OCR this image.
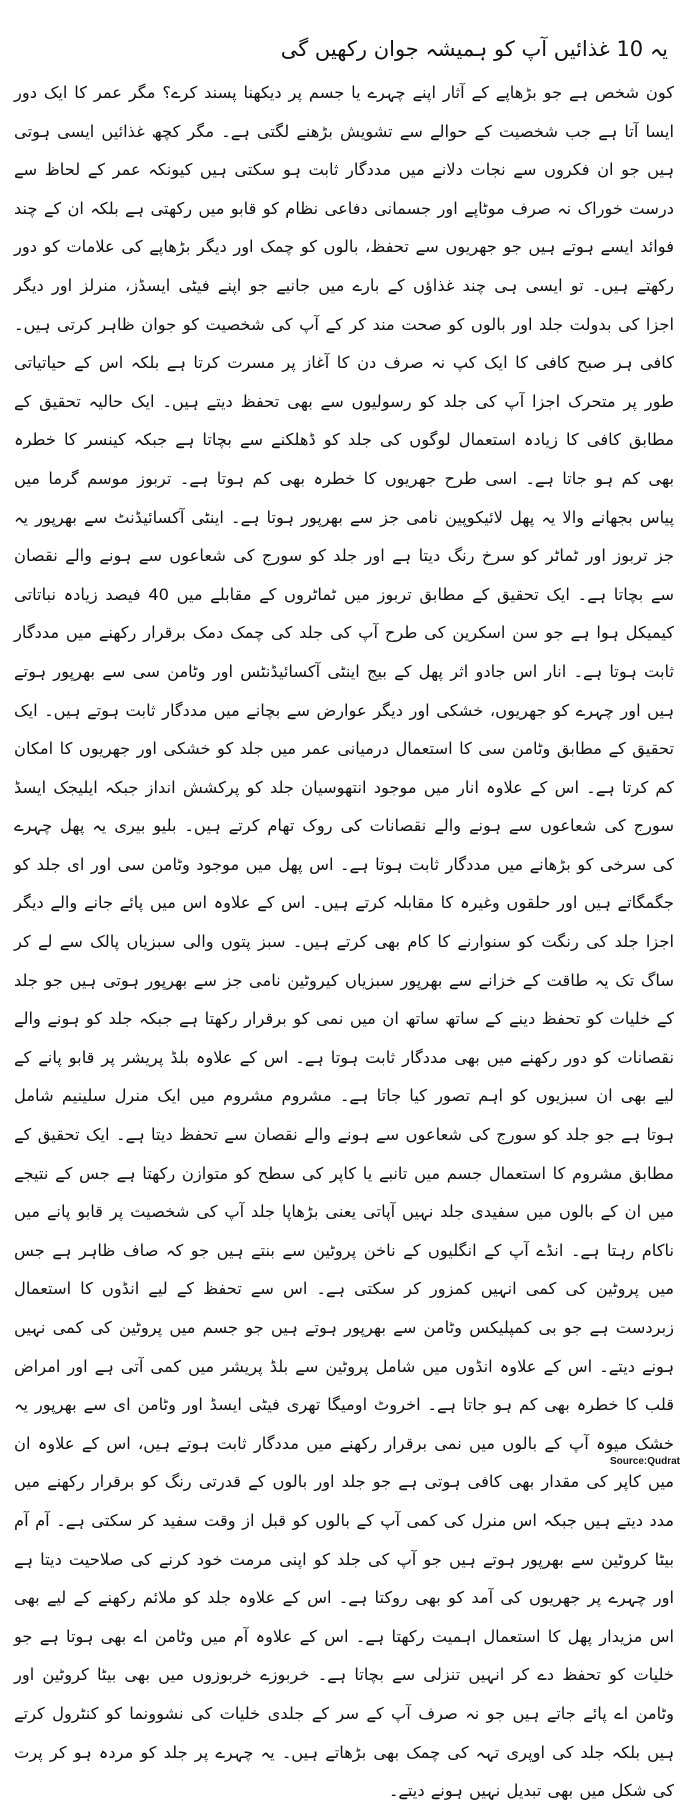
یہ 10 غذائیں آپ کو ہمیشہ جوان رکھیں گی

کون شخص ہے جو بڑھاپے کے آثار اپنے چہرے یا جسم پر دیکھنا پسند کرے؟ مگر عمر کا ایک دور ایسا آتا ہے جب شخصیت کے حوالے سے تشویش بڑھنے لگتی ہے۔ مگر کچھ غذائیں ایسی ہوتی ہیں جو ان فکروں سے نجات دلانے میں مددگار ثابت ہو سکتی ہیں کیونکہ عمر کے لحاظ سے درست خوراک نہ صرف موٹاپے اور جسمانی دفاعی نظام کو قابو میں رکھتی ہے بلکہ ان کے چند فوائد ایسے ہوتے ہیں جو جھریوں سے تحفظ، بالوں کو چمک اور دیگر بڑھاپے کی علامات کو دور رکھتے ہیں۔ تو ایسی ہی چند غذاؤں کے بارے میں جانیے جو اپنے فیٹی ایسڈز، منرلز اور دیگر اجزا کی بدولت جلد اور بالوں کو صحت مند کر کے آپ کی شخصیت کو جوان ظاہر کرتی ہیں۔ کافی ہر صبح کافی کا ایک کپ نہ صرف دن کا آغاز پر مسرت کرتا ہے بلکہ اس کے حیاتیاتی طور پر متحرک اجزا آپ کی جلد کو رسولیوں سے بھی تحفظ دیتے ہیں۔ ایک حالیہ تحقیق کے مطابق کافی کا زیادہ استعمال لوگوں کی جلد کو ڈھلکنے سے بچاتا ہے جبکہ کینسر کا خطرہ بھی کم ہو جاتا ہے۔ اسی طرح جھریوں کا خطرہ بھی کم ہوتا ہے۔ تربوز موسم گرما میں پیاس بجھانے والا یہ پھل لائیکوپین نامی جز سے بھرپور ہوتا ہے۔ اینٹی آکسائیڈنٹ سے بھرپور یہ جز تربوز اور ٹماٹر کو سرخ رنگ دیتا ہے اور جلد کو سورج کی شعاعوں سے ہونے والے نقصان سے بچاتا ہے۔ ایک تحقیق کے مطابق تربوز میں ٹماٹروں کے مقابلے میں 40 فیصد زیادہ نباتاتی کیمیکل ہوا ہے جو سن اسکرین کی طرح آپ کی جلد کی چمک دمک برقرار رکھنے میں مددگار ثابت ہوتا ہے۔ انار اس جادو اثر پھل کے بیج اینٹی آکسائیڈنٹس اور وٹامن سی سے بھرپور ہوتے ہیں اور چہرے کو جھریوں، خشکی اور دیگر عوارض سے بچانے میں مددگار ثابت ہوتے ہیں۔ ایک تحقیق کے مطابق وٹامن سی کا استعمال درمیانی عمر میں جلد کو خشکی اور جھریوں کا امکان کم کرتا ہے۔ اس کے علاوہ انار میں موجود انتھوسیان جلد کو پرکشش انداز جبکہ ایلیجک ایسڈ سورج کی شعاعوں سے ہونے والے نقصانات کی روک تھام کرتے ہیں۔ بلیو بیری یہ پھل چہرے کی سرخی کو بڑھانے میں مددگار ثابت ہوتا ہے۔ اس پھل میں موجود وٹامن سی اور ای جلد کو جگمگاتے ہیں اور حلقوں وغیرہ کا مقابلہ کرتے ہیں۔ اس کے علاوہ اس میں پائے جانے والے دیگر اجزا جلد کی رنگت کو سنوارنے کا کام بھی کرتے ہیں۔ سبز پتوں والی سبزیاں پالک سے لے کر ساگ تک یہ طاقت کے خزانے سے بھرپور سبزیاں کیروٹین نامی جز سے بھرپور ہوتی ہیں جو جلد کے خلیات کو تحفظ دینے کے ساتھ ساتھ ان میں نمی کو برقرار رکھتا ہے جبکہ جلد کو ہونے والے نقصانات کو دور رکھنے میں بھی مددگار ثابت ہوتا ہے۔ اس کے علاوہ بلڈ پریشر پر قابو پانے کے لیے بھی ان سبزیوں کو اہم تصور کیا جاتا ہے۔ مشروم مشروم میں ایک منرل سلینیم شامل ہوتا ہے جو جلد کو سورج کی شعاعوں سے ہونے والے نقصان سے تحفظ دیتا ہے۔ ایک تحقیق کے مطابق مشروم کا استعمال جسم میں تانبے یا کاپر کی سطح کو متوازن رکھتا ہے جس کے نتیجے میں ان کے بالوں میں سفیدی جلد نہیں آپاتی یعنی بڑھاپا جلد آپ کی شخصیت پر قابو پانے میں ناکام رہتا ہے۔ انڈے آپ کے انگلیوں کے ناخن پروٹین سے بنتے ہیں جو کہ صاف ظاہر ہے جس میں پروٹین کی کمی انہیں کمزور کر سکتی ہے۔ اس سے تحفظ کے لیے انڈوں کا استعمال زبردست ہے جو بی کمپلیکس وٹامن سے بھرپور ہوتے ہیں جو جسم میں پروٹین کی کمی نہیں ہونے دیتے۔ اس کے علاوہ انڈوں میں شامل پروٹین سے بلڈ پریشر میں کمی آتی ہے اور امراض قلب کا خطرہ بھی کم ہو جاتا ہے۔ اخروٹ اومیگا تھری فیٹی ایسڈ اور وٹامن ای سے بھرپور یہ خشک میوہ آپ کے بالوں میں نمی برقرار رکھنے میں مددگار ثابت ہوتے ہیں، اس کے علاوہ ان میں کاپر کی مقدار بھی کافی ہوتی ہے جو جلد اور بالوں کے قدرتی رنگ کو برقرار رکھنے میں مدد دیتے ہیں جبکہ اس منرل کی کمی آپ کے بالوں کو قبل از وقت سفید کر سکتی ہے۔ آم آم بیٹا کروٹین سے بھرپور ہوتے ہیں جو آپ کی جلد کو اپنی مرمت خود کرنے کی صلاحیت دیتا ہے اور چہرے پر جھریوں کی آمد کو بھی روکتا ہے۔ اس کے علاوہ جلد کو ملائم رکھنے کے لیے بھی اس مزیدار پھل کا استعمال اہمیت رکھتا ہے۔ اس کے علاوہ آم میں وٹامن اے بھی ہوتا ہے جو خلیات کو تحفظ دے کر انہیں تنزلی سے بچاتا ہے۔ خربوزے خربوزوں میں بھی بیٹا کروٹین اور وٹامن اے پائے جاتے ہیں جو نہ صرف آپ کے سر کے جلدی خلیات کی نشوونما کو کنٹرول کرتے ہیں بلکہ جلد کی اوپری تہہ کی چمک بھی بڑھاتے ہیں۔ یہ چہرے پر جلد کو مردہ ہو کر پرت کی شکل میں بھی تبدیل نہیں ہونے دیتے۔

Source:Qudrat
